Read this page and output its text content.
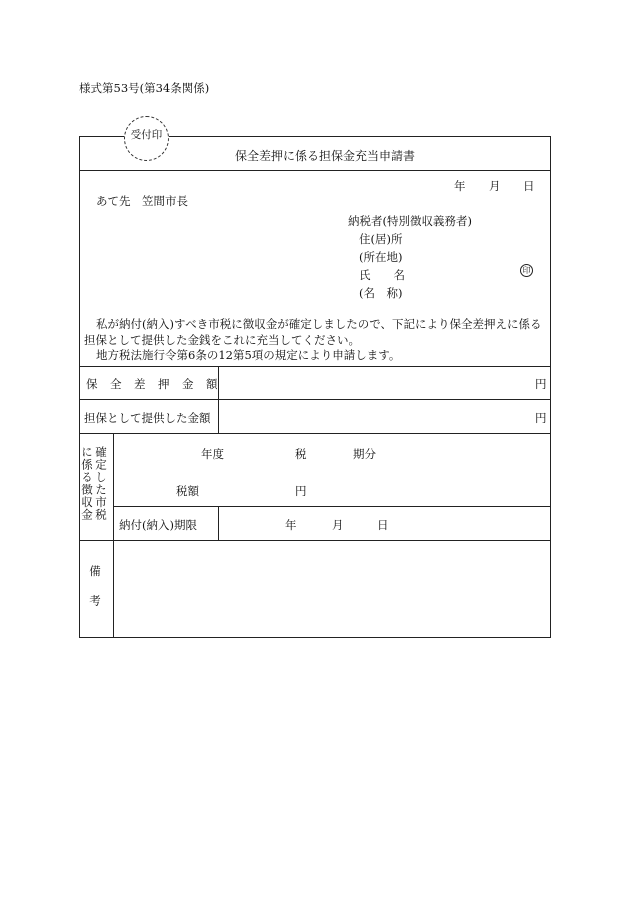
様式第53号(第34条関係)
受付印
保全差押に係る担保金充当申請書
年 月 日
あて先　笠間市長
納税者(特別徴収義務者)
住(居)所
(所在地)
氏　　名
(名　称)
印
私が納付(納入)すべき市税に徴収金が確定しましたので、下記により保全差押えに係る
担保として提供した金銭をこれに充当してください。
地方税法施行令第6条の12第5項の規定により申請します。
保　全　差　押　金　額	円
担保として提供した金額	円
確定した市税に係る徴収金	年度	税	期分
税額	円
納付(納入)期限	年	月	日
備考
